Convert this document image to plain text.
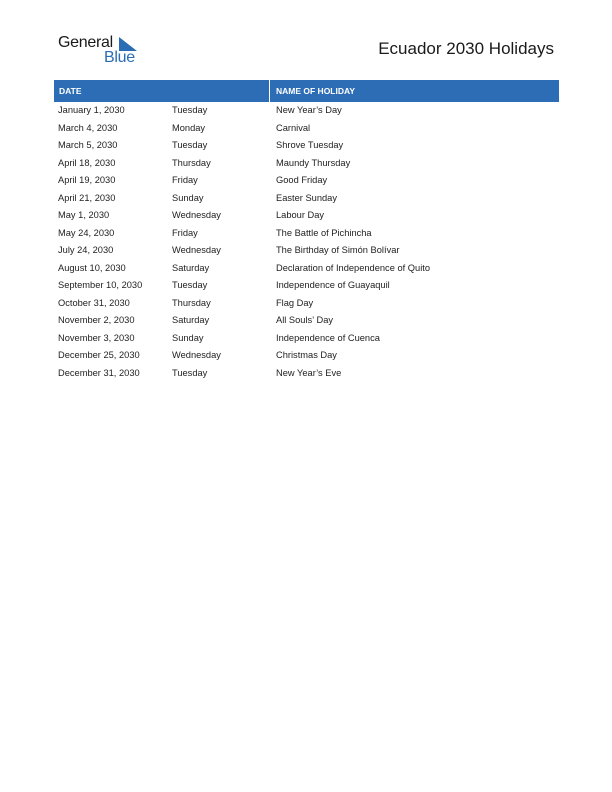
General
Blue	Ecuador 2030 Holidays
DATE	NAME OF HOLIDAY
January 1, 2030	Tuesday	New Year’s Day
March 4, 2030	Monday	Carnival
March 5, 2030	Tuesday	Shrove Tuesday
April 18, 2030	Thursday	Maundy Thursday
April 19, 2030	Friday	Good Friday
April 21, 2030	Sunday	Easter Sunday
May 1, 2030	Wednesday	Labour Day
May 24, 2030	Friday	The Battle of Pichincha
July 24, 2030	Wednesday	The Birthday of Simón Bolívar
August 10, 2030	Saturday	Declaration of Independence of Quito
September 10, 2030	Tuesday	Independence of Guayaquil
October 31, 2030	Thursday	Flag Day
November 2, 2030	Saturday	All Souls’ Day
November 3, 2030	Sunday	Independence of Cuenca
December 25, 2030	Wednesday	Christmas Day
December 31, 2030	Tuesday	New Year’s Eve
